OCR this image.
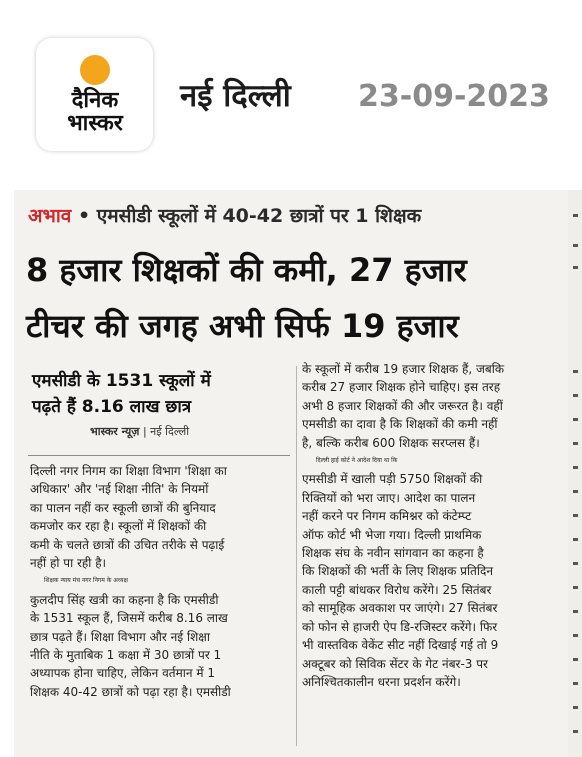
दैनिक
भास्कर
नई दिल्ली 23-09-2023
अभाव • एमसीडी स्कूलों में 40-42 छात्रों पर 1 शिक्षक
8 हजार शिक्षकों की कमी, 27 हजार
टीचर की जगह अभी सिर्फ 19 हजार
एमसीडी के 1531 स्कूलों में
पढ़ते हैं 8.16 लाख छात्र
भास्कर न्यूज़ | नई दिल्ली

दिल्ली नगर निगम का शिक्षा विभाग 'शिक्षा का

अधिकार' और 'नई शिक्षा नीति' के नियमों

का पालन नहीं कर स्कूली छात्रों की बुनियाद

कमजोर कर रहा है। स्कूलों में शिक्षकों की

कमी के चलते छात्रों की उचित तरीके से पढ़ाई

नहीं हो पा रही है।

शिक्षक न्याय मंच नगर निगम के अध्यक्ष

कुलदीप सिंह खत्री का कहना है कि एमसीडी

के 1531 स्कूल हैं, जिसमें करीब 8.16 लाख

छात्र पढ़ते हैं। शिक्षा विभाग और नई शिक्षा

नीति के मुताबिक 1 कक्षा में 30 छात्रों पर 1

अध्यापक होना चाहिए, लेकिन वर्तमान में 1

शिक्षक 40-42 छात्रों को पढ़ा रहा है। एमसीडी

के स्कूलों में करीब 19 हजार शिक्षक हैं, जबकि

करीब 27 हजार शिक्षक होने चाहिए। इस तरह

अभी 8 हजार शिक्षकों की और जरूरत है। वहीं

एमसीडी का दावा है कि शिक्षकों की कमी नहीं

है, बल्कि करीब 600 शिक्षक सरप्लस हैं।

दिल्ली हाई कोर्ट ने आदेश दिया था कि

एमसीडी में खाली पड़ी 5750 शिक्षकों की

रिक्तियों को भरा जाए। आदेश का पालन

नहीं करने पर निगम कमिश्नर को कंटेम्प्ट

ऑफ कोर्ट भी भेजा गया। दिल्ली प्राथमिक

शिक्षक संघ के नवीन सांगवान का कहना है

कि शिक्षकों की भर्ती के लिए शिक्षक प्रतिदिन

काली पट्टी बांधकर विरोध करेंगे। 25 सितंबर

को सामूहिक अवकाश पर जाएंगे। 27 सितंबर

को फोन से हाजरी ऐप डि-रजिस्टर करेंगे। फिर

भी वास्तविक वेकेंट सीट नहीं दिखाई गई तो 9

अक्टूबर को सिविक सेंटर के गेट नंबर-3 पर

अनिश्चितकालीन धरना प्रदर्शन करेंगे।
